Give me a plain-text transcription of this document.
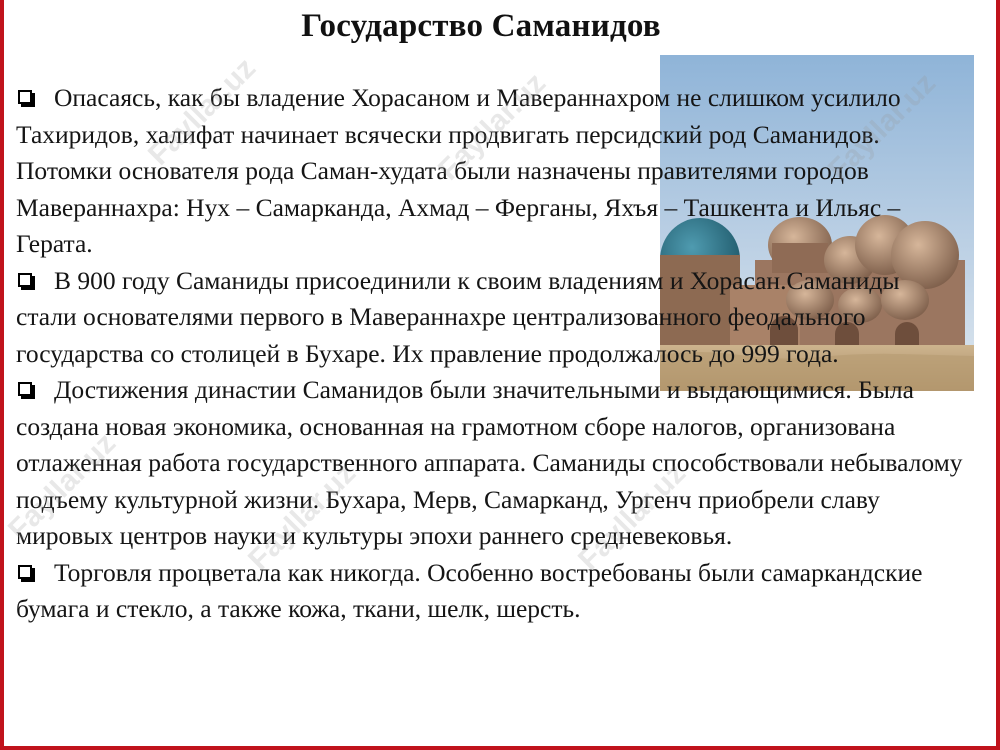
Государство Саманидов

Опасаясь, как бы владение Хорасаном и Мавераннахром не слишком усилило Тахиридов, халифат начинает всячески продвигать персидский род Саманидов. Потомки основателя рода Саман-худата были назначены правителями городов Мавераннахра: Нух – Самарканда, Ахмад – Ферганы, Яхъя – Ташкента и Ильяс – Герата.

В 900 году Саманиды присоединили к своим владениям и Хорасан.Саманиды стали основателями первого в Мавераннахре централизованного феодального государства со столицей в Бухаре. Их правление продолжалось до 999 года.

Достижения династии Саманидов были значительными и выдающимися. Была создана новая экономика, основанная на грамотном сборе налогов, организована отлаженная работа государственного аппарата. Саманиды способствовали небывалому подъему культурной жизни. Бухара, Мерв, Самарканд, Ургенч приобрели славу мировых центров науки и культуры эпохи раннего средневековья.

Торговля процветала как никогда. Особенно востребованы были самаркандские бумага и стекло, а также кожа, ткани, шелк, шерсть.

Fayllar.uz	Fayllar.uz	Fayllar.uz
Fayllar.uz	Fayllar.uz	Fayllar.uz
